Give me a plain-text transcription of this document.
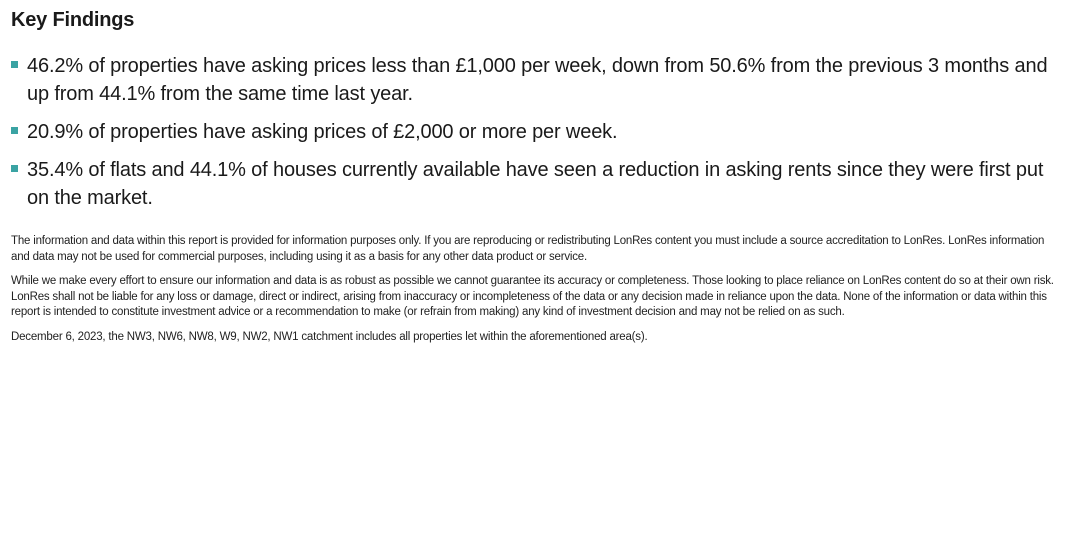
Key Findings
46.2% of properties have asking prices less than £1,000 per week, down from 50.6% from the previous 3 months and up from 44.1% from the same time last year.
20.9% of properties have asking prices of £2,000 or more per week.
35.4% of flats and 44.1% of houses currently available have seen a reduction in asking rents since they were first put on the market.

The information and data within this report is provided for information purposes only. If you are reproducing or redistributing LonRes content you must include a source accreditation to LonRes. LonRes information and data may not be used for commercial purposes, including using it as a basis for any other data product or service.

While we make every effort to ensure our information and data is as robust as possible we cannot guarantee its accuracy or completeness. Those looking to place reliance on LonRes content do so at their own risk. LonRes shall not be liable for any loss or damage, direct or indirect, arising from inaccuracy or incompleteness of the data or any decision made in reliance upon the data. None of the information or data within this report is intended to constitute investment advice or a recommendation to make (or refrain from making) any kind of investment decision and may not be relied on as such.

December 6, 2023, the NW3, NW6, NW8, W9, NW2, NW1 catchment includes all properties let within the aforementioned area(s).
